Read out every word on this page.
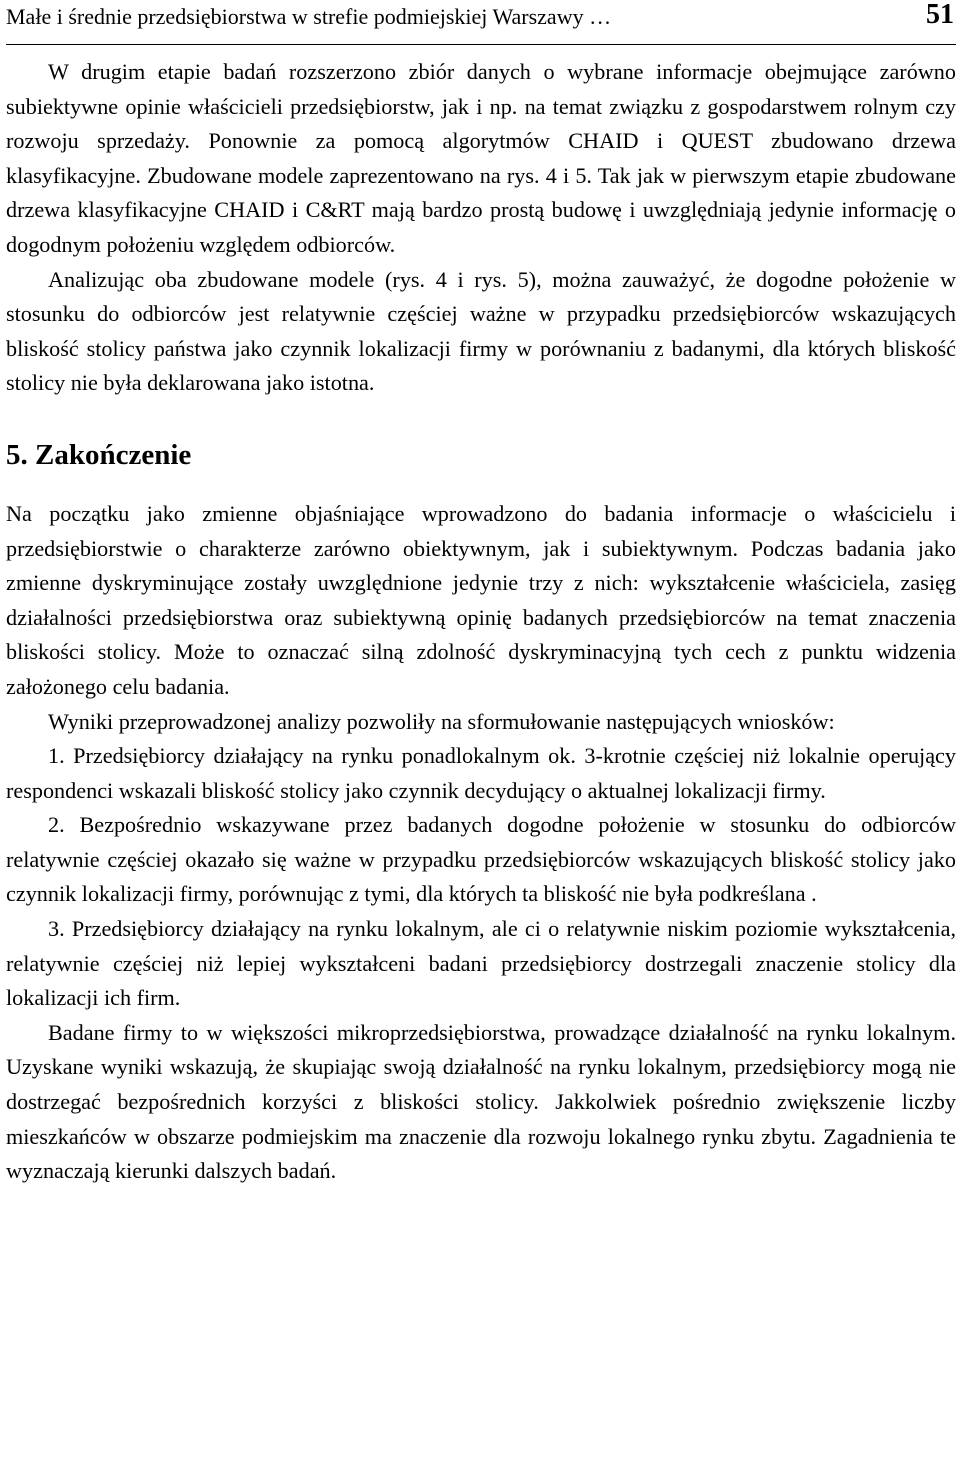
Małe i średnie przedsiębiorstwa w strefie podmiejskiej Warszawy …	51

W drugim etapie badań rozszerzono zbiór danych o wybrane informacje obejmujące zarówno subiektywne opinie właścicieli przedsiębiorstw, jak i np. na temat związku z gospodarstwem rolnym czy rozwoju sprzedaży. Ponownie za pomocą algorytmów CHAID i QUEST zbudowano drzewa klasyfikacyjne. Zbudowane modele zaprezentowano na rys. 4 i 5. Tak jak w pierwszym etapie zbudowane drzewa klasyfikacyjne CHAID i C&RT mają bardzo prostą budowę i uwzględniają jedynie informację o dogodnym położeniu względem odbiorców.

Analizując oba zbudowane modele (rys. 4 i rys. 5), można zauważyć, że dogodne położenie w stosunku do odbiorców jest relatywnie częściej ważne w przypadku przedsiębiorców wskazujących bliskość stolicy państwa jako czynnik lokalizacji firmy w porównaniu z badanymi, dla których bliskość stolicy nie była deklarowana jako istotna.

5. Zakończenie

Na początku jako zmienne objaśniające wprowadzono do badania informacje o właścicielu i przedsiębiorstwie o charakterze zarówno obiektywnym, jak i subiektywnym. Podczas badania jako zmienne dyskryminujące zostały uwzględnione jedynie trzy z nich: wykształcenie właściciela, zasięg działalności przedsiębiorstwa oraz subiektywną opinię badanych przedsiębiorców na temat znaczenia bliskości stolicy. Może to oznaczać silną zdolność dyskryminacyjną tych cech z punktu widzenia założonego celu badania.

Wyniki przeprowadzonej analizy pozwoliły na sformułowanie następujących wniosków:

1. Przedsiębiorcy działający na rynku ponadlokalnym ok. 3-krotnie częściej niż lokalnie operujący respondenci wskazali bliskość stolicy jako czynnik decydujący o aktualnej lokalizacji firmy.

2. Bezpośrednio wskazywane przez badanych dogodne położenie w stosunku do odbiorców relatywnie częściej okazało się ważne w przypadku przedsiębiorców wskazujących bliskość stolicy jako czynnik lokalizacji firmy, porównując z tymi, dla których ta bliskość nie była podkreślana .

3. Przedsiębiorcy działający na rynku lokalnym, ale ci o relatywnie niskim poziomie wykształcenia, relatywnie częściej niż lepiej wykształceni badani przedsiębiorcy dostrzegali znaczenie stolicy dla lokalizacji ich firm.

Badane firmy to w większości mikroprzedsiębiorstwa, prowadzące działalność na rynku lokalnym. Uzyskane wyniki wskazują, że skupiając swoją działalność na rynku lokalnym, przedsiębiorcy mogą nie dostrzegać bezpośrednich korzyści z bliskości stolicy. Jakkolwiek pośrednio zwiększenie liczby mieszkańców w obszarze podmiejskim ma znaczenie dla rozwoju lokalnego rynku zbytu. Zagadnienia te wyznaczają kierunki dalszych badań.
